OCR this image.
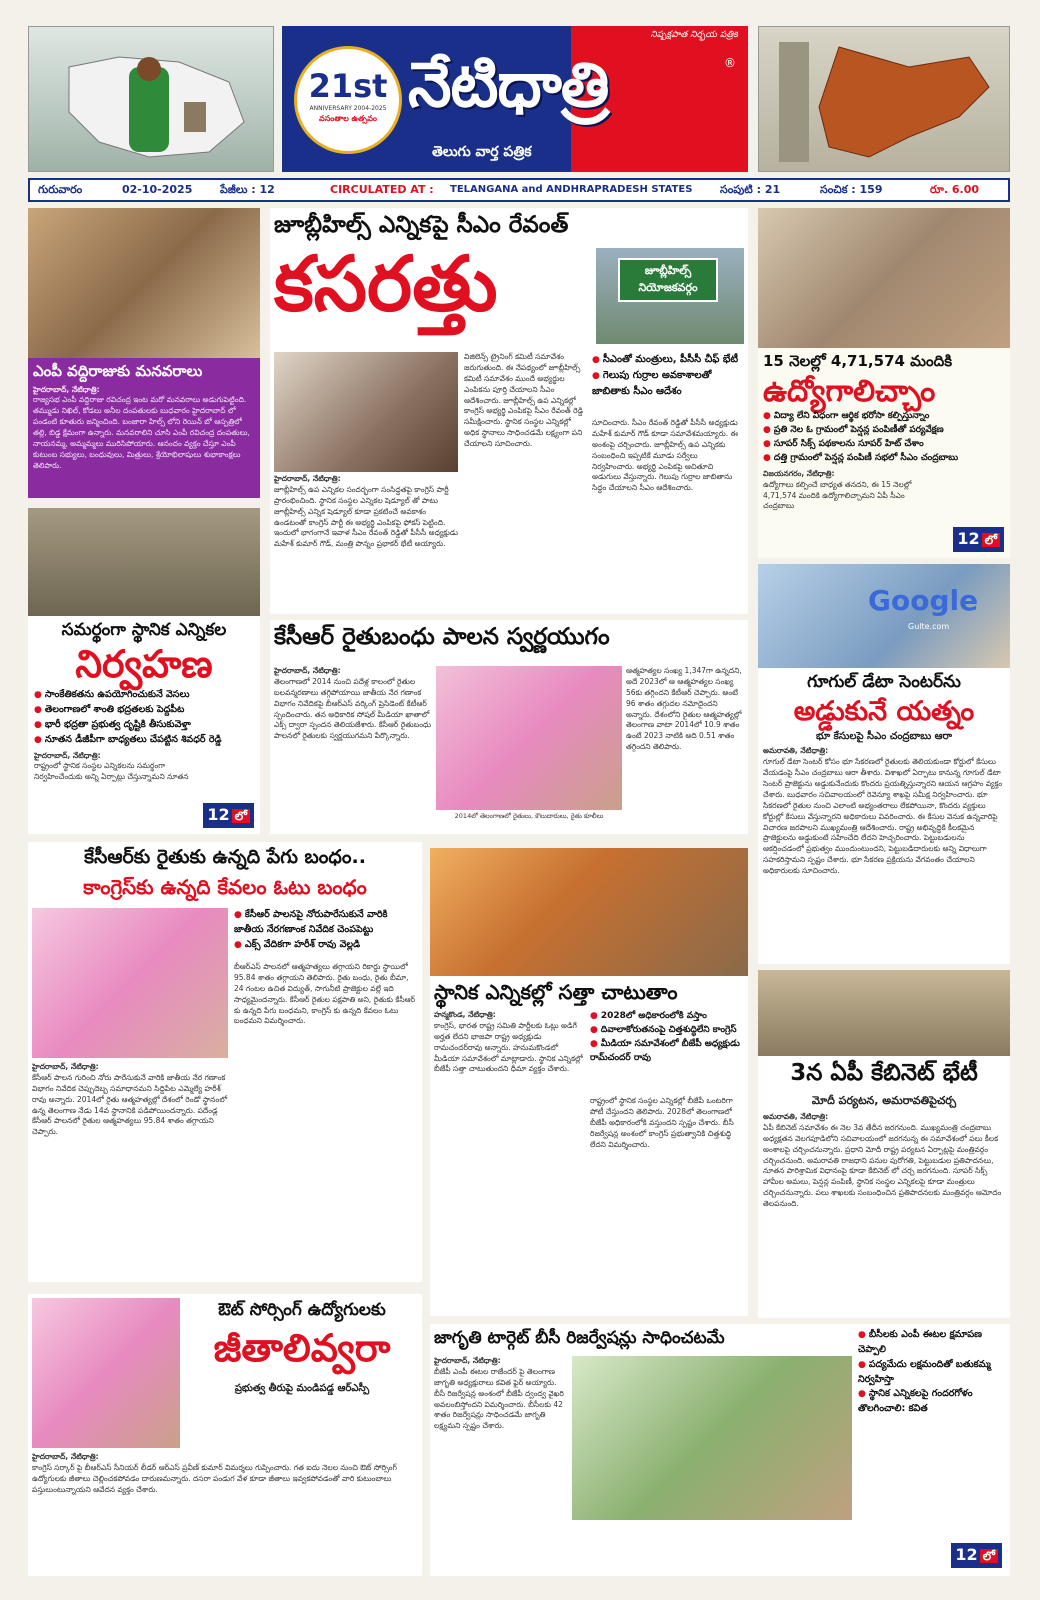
నిష్పక్షపాత నిర్భయ పత్రిక
21st
ANNIVERSARY 2004-2025
వసంతాల ఉత్సవం నేటిధాత్రి	®
తెలుగు వార్త పత్రిక
గురువారం	02-10-2025	పేజీలు : 12	CIRCULATED AT : TELANGANA and ANDHRAPRADESH STATES	సంపుటి : 21	సంచిక : 159	రూ. 6.00
ఎంపీ వద్దిరాజుకు మనవరాలు
హైదరాబాద్, నేటిధాత్రి:
రాజ్యసభ ఎంపీ వద్దిరాజు రవిచంద్ర ఇంట మరో మనవరాలు అడుగుపెట్టింది. తమ్ముడు నిఖిల్, కోడలు అనీల దంపతులకు బుధవారం హైదరాబాద్ లో పండంటి కూతురు జన్మించింది. బంజారా హిల్స్ లోని రెయిన్ బో ఆస్పత్రిలో తల్లి, బిడ్డ క్షేమంగా ఉన్నారు. మనవరాలిని చూసి ఎంపీ రవిచంద్ర దంపతులు, నాయనమ్మ, అమ్మమ్మలు మురిసిపోయారు. ఆనందం వ్యక్తం చేస్తూ ఎంపీ కుటుంబ సభ్యులు, బంధువులు, మిత్రులు, శ్రేయోభిలాషులు శుభాకాంక్షలు తెలిపారు.
సమర్థంగా స్థానిక ఎన్నికల
నిర్వహణ
● సాంకేతికతను ఉపయోగించుకునే వెసలు
● తెలంగాణలో శాంతి భద్రతలకు పెద్దపీట
● భారీ భద్రతా ప్రభుత్వ దృష్టికి తీసుకువెళ్తా
● నూతన డీజీపీగా బాధ్యతలు చేపట్టిన శివధర్ రెడ్డి
హైదరాబాద్, నేటిధాత్రి:
రాష్ట్రంలో స్థానిక సంస్థల ఎన్నికలను సమర్థంగా నిర్వహించేందుకు అన్ని ఏర్పాట్లు చేస్తున్నామని నూతన
12 లో
జూబ్లీహిల్స్ ఎన్నికపై సీఎం రేవంత్
కసరత్తు	జూబ్లీహిల్స్
నియోజకవర్గం
● సీఎంతో మంత్రులు, పీసీసీ చీఫ్ భేటీ
● గెలుపు గుర్రాల అవకాశాలతో జాబితాకు సీఎం ఆదేశం
హైదరాబాద్, నేటిధాత్రి:
జూబ్లీహిల్స్ ఉప ఎన్నికల సందర్భంగా సంసిద్ధతపై కాంగ్రెస్ పార్టీ ప్రారంభించింది. స్థానిక సంస్థల ఎన్నికల షెడ్యూల్ తో పాటు జూబ్లీహిల్స్ ఎన్నిక షెడ్యూల్ కూడా ప్రకటించే అవకాశం ఉండటంతో కాంగ్రెస్ పార్టీ ఈ అభ్యర్థి ఎంపికపై ఫోకస్ పెట్టింది. ఇందులో భాగంగానే ఇవాళ సీఎం రేవంత్ రెడ్డితో పీసీసీ అధ్యక్షుడు మహేశ్ కుమార్ గౌడ్, మంత్రి పొన్నం ప్రభాకర్ భేటీ అయ్యారు.
విజిలెన్స్ ట్రైనింగ్ కమిటీ సమావేశం జరుగుతుంది. ఈ నేపథ్యంలో జూబ్లీహిల్స్ కమిటీ సమావేశం ముందే అభ్యర్థుల ఎంపికను పూర్తి చేయాలని సీఎం ఆదేశించారు. జూబ్లీహిల్స్ ఉప ఎన్నికల్లో కాంగ్రెస్ అభ్యర్థి ఎంపికపై సీఎం రేవంత్ రెడ్డి సమీక్షించారు. స్థానిక సంస్థల ఎన్నికల్లో అధిక స్థానాలు సాధించడమే లక్ష్యంగా పని చేయాలని సూచించారు.
సూచించారు. సీఎం రేవంత్ రెడ్డితో పీసీసీ అధ్యక్షుడు మహేశ్ కుమార్ గౌడ్ కూడా సమావేశమయ్యారు. ఈ అంశంపై చర్చించారు. జూబ్లీహిల్స్ ఉప ఎన్నికకు సంబంధించి ఇప్పటికే మూడు సర్వేలు నిర్వహించారు. అభ్యర్థి ఎంపికపై ఆచితూచి అడుగులు వేస్తున్నారు. గెలుపు గుర్రాల జాబితాను సిద్ధం చేయాలని సీఎం ఆదేశించారు.
కేసీఆర్ రైతుబంధు పాలన స్వర్ణయుగం
హైదరాబాద్, నేటిధాత్రి:
తెలంగాణలో 2014 నుంచి పదేళ్ల కాలంలో రైతుల బలవన్మరణాలు తగ్గిపోయాయి జాతీయ నేర గణాంక విభాగం నివేదికపై బీఆర్ఎస్ వర్కింగ్ ప్రెసిడెంట్ కేటీఆర్ స్పందించారు. తన అధికారిక సోషల్ మీడియా ఖాతాలో ఎక్స్ ద్వారా స్పందన తెలియజేశారు. కేసీఆర్ రైతుబంధు పాలనలో రైతులకు స్వర్ణయుగమని పేర్కొన్నారు.
2014లో తెలంగాణలో రైతులు, కౌలుదారులు, రైతు కూలీలు
ఆత్మహత్యల సంఖ్య 1,347గా ఉన్నదని, అదే 2023లో ఆ ఆత్మహత్యల సంఖ్య 56కు తగ్గిందని కేటీఆర్ చెప్పారు. అంటే 96 శాతం తగ్గుదల నమోదైందని అన్నారు. దేశంలోని రైతుల ఆత్మహత్యల్లో తెలంగాణ వాటా 2014లో 10.9 శాతం ఉంటే 2023 నాటికి అది 0.51 శాతం తగ్గిందని తెలిపారు.
15 నెలల్లో 4,71,574 మందికి
ఉద్యోగాలిచ్చాం
● విద్యా లేని విధంగా ఆర్థిక భరోసా కల్పిస్తున్నాం
● ప్రతి నెల ఓ గ్రామంలో పెన్షన్ల పంపిణీతో పర్యవేక్షణ
● సూపర్ సిక్స్ పథకాలను సూపర్ హిట్ చేశాం
● దత్తి గ్రామంలో పెన్షన్ల పంపిణీ సభలో సీఎం చంద్రబాబు
విజయనగరం, నేటిధాత్రి:
ఉద్యోగాలు కల్పించే బాధ్యత తనదని, ఈ 15 నెలల్లో 4,71,574 మందికి ఉద్యోగాలిచ్చామని ఏపీ సీఎం చంద్రబాబు
12 లో
Google
Gulte.com
గూగుల్ డేటా సెంటర్‌ను
అడ్డుకునే యత్నం
భూ కేసులపై సీఎం చంద్రబాబు ఆరా
అమరావతి, నేటిధాత్రి:
గూగుల్ డేటా సెంటర్ కోసం భూ సేకరణలో రైతులకు తెలియకుండా కోర్టులో కేసులు వేయడంపై సీఎం చంద్రబాబు ఆరా తీశారు. విశాఖలో ఏర్పాటు కానున్న గూగుల్ డేటా సెంటర్ ప్రాజెక్టును అడ్డుకునేందుకు కొందరు ప్రయత్నిస్తున్నారని ఆయన ఆగ్రహం వ్యక్తం చేశారు. బుధవారం సచివాలయంలో రెవెన్యూ శాఖపై సమీక్ష నిర్వహించారు. భూ సేకరణలో రైతుల నుంచి ఎలాంటి అభ్యంతరాలు లేకపోయినా, కొందరు వ్యక్తులు కోర్టుల్లో కేసులు వేస్తున్నారని అధికారులు వివరించారు. ఈ కేసుల వెనుక ఉన్నవారిపై విచారణ జరపాలని ముఖ్యమంత్రి ఆదేశించారు. రాష్ట్ర అభివృద్ధికి కీలకమైన ప్రాజెక్టులను అడ్డుకుంటే సహించేది లేదని హెచ్చరించారు. పెట్టుబడులను ఆకర్షించడంలో ప్రభుత్వం ముందుంటుందని, పెట్టుబడిదారులకు అన్ని విధాలుగా సహకరిస్తామని స్పష్టం చేశారు. భూ సేకరణ ప్రక్రియను వేగవంతం చేయాలని అధికారులకు సూచించారు.
కేసీఆర్‌కు రైతుకు ఉన్నది పేగు బంధం..
కాంగ్రెస్‌కు ఉన్నది కేవలం ఓటు బంధం
● కేసీఆర్ పాలనపై నోరుపారేసుకునే వారికి జాతీయ నేరగణాంక నివేదిక చెంపపెట్టు
● ఎక్స్ వేదికగా హరీశ్ రావు వెల్లడి
హైదరాబాద్, నేటిధాత్రి:
కేసీఆర్ పాలన గురించి నోరు పారేసుకునే వారికి జాతీయ నేర గణాంక విభాగం నివేదిక చెప్పుదెబ్బ సమాధానమని సిద్దిపేట ఎమ్మెల్యే హరీశ్ రావు అన్నారు. 2014లో రైతు ఆత్మహత్యల్లో దేశంలో రెండో స్థానంలో ఉన్న తెలంగాణ నేడు 14వ స్థానానికి పడిపోయిందన్నారు. పదేండ్ల కేసీఆర్ పాలనలో రైతుల ఆత్మహత్యలు 95.84 శాతం తగ్గాయని చెప్పారు.
బీఆర్ఎస్ పాలనలో ఆత్మహత్యలు తగ్గాయని రికార్డు స్థాయిలో 95.84 శాతం తగ్గాయని తెలిపారు. రైతు బంధు, రైతు బీమా, 24 గంటల ఉచిత విద్యుత్, సాగునీటి ప్రాజెక్టుల వల్లే ఇది సాధ్యమైందన్నారు. కేసీఆర్ రైతుల పక్షపాతి అని, రైతుకు కేసీఆర్ కు ఉన్నది పేగు బంధమని, కాంగ్రెస్ కు ఉన్నది కేవలం ఓటు బంధమని విమర్శించారు.
స్థానిక ఎన్నికల్లో సత్తా చాటుతాం
హన్మకొండ, నేటిధాత్రి:
కాంగ్రెస్, భారత రాష్ట్ర సమితి పార్టీలకు ఓట్లు అడిగే అర్హత లేదని భాజపా రాష్ట్ర అధ్యక్షుడు రామచందర్‌రావు అన్నారు. హనుమకొండలో మీడియా సమావేశంలో మాట్లాడారు. స్థానిక ఎన్నికల్లో బీజేపీ సత్తా చాటుతుందని ధీమా వ్యక్తం చేశారు.
● 2028లో అధికారంలోకి వస్తాం
● దివాలాకోరుతనంపై చిత్తశుద్ధిలేని కాంగ్రెస్
● మీడియా సమావేశంలో బీజేపీ అధ్యక్షుడు రామ్‌చందర్ రావు
రాష్ట్రంలో స్థానిక సంస్థల ఎన్నికల్లో బీజేపీ ఒంటరిగా పోటీ చేస్తుందని తెలిపారు. 2028లో తెలంగాణలో బీజేపీ అధికారంలోకి వస్తుందని స్పష్టం చేశారు. బీసీ రిజర్వేషన్ల అంశంలో కాంగ్రెస్ ప్రభుత్వానికి చిత్తశుద్ధి లేదని విమర్శించారు.
3న ఏపీ కేబినెట్ భేటీ
మోదీ పర్యటన, అమరావతిపైచర్చ
అమరావతి, నేటిధాత్రి:
ఏపీ కేబినెట్ సమావేశం ఈ నెల 3వ తేదీన జరగనుంది. ముఖ్యమంత్రి చంద్రబాబు అధ్యక్షతన వెలగపూడిలోని సచివాలయంలో జరగనున్న ఈ సమావేశంలో పలు కీలక అంశాలపై చర్చించనున్నారు. ప్రధాని మోదీ రాష్ట్ర పర్యటన ఏర్పాట్లపై మంత్రివర్గం చర్చించనుంది. అమరావతి రాజధాని పనుల పురోగతి, పెట్టుబడుల ప్రతిపాదనలు, నూతన పారిశ్రామిక విధానంపై కూడా కేబినెట్ లో చర్చ జరగనుంది. సూపర్ సిక్స్ హామీల అమలు, పెన్షన్ల పంపిణీ, స్థానిక సంస్థల ఎన్నికలపై కూడా మంత్రులు చర్చించనున్నారు. పలు శాఖలకు సంబంధించిన ప్రతిపాదనలకు మంత్రివర్గం ఆమోదం తెలపనుంది.
ఔట్ సోర్సింగ్ ఉద్యోగులకు
జీతాలివ్వరా
ప్రభుత్వ తీరుపై మండిపడ్డ ఆర్ఎస్పీ
హైదరాబాద్, నేటిధాత్రి:
కాంగ్రెస్ సర్కార్ పై బీఆర్ఎస్ సీనియర్ లీడర్ ఆర్ఎస్ ప్రవీణ్ కుమార్ విమర్శలు గుప్పించారు. గత ఐదు నెలల నుంచి ఔట్ సోర్సింగ్ ఉద్యోగులకు జీతాలు చెల్లించకపోవడం దారుణమన్నారు. దసరా పండుగ వేళ కూడా జీతాలు ఇవ్వకపోవడంతో వారి కుటుంబాలు పస్తులుంటున్నాయని ఆవేదన వ్యక్తం చేశారు.
జాగృతి టార్గెట్ బీసీ రిజర్వేషన్లు సాధించటమే
హైదరాబాద్, నేటిధాత్రి:
బీజేపీ ఎంపీ ఈటల రాజేందర్ పై తెలంగాణ జాగృతి అధ్యక్షురాలు కవిత ఫైర్ అయ్యారు. బీసీ రిజర్వేషన్ల అంశంలో బీజేపీ ద్వంద్వ వైఖరి అవలంబిస్తోందని విమర్శించారు. బీసీలకు 42 శాతం రిజర్వేషన్లు సాధించడమే జాగృతి లక్ష్యమని స్పష్టం చేశారు.
● బీసీలకు ఎంపీ ఈటల క్షమాపణ చెప్పాలి
● పద్యమేదు లక్షమందితో బతుకమ్మ నిర్వహిస్తా
● స్థానిక ఎన్నికలపై గందరగోళం తొలగించాలి: కవిత
12 లో
